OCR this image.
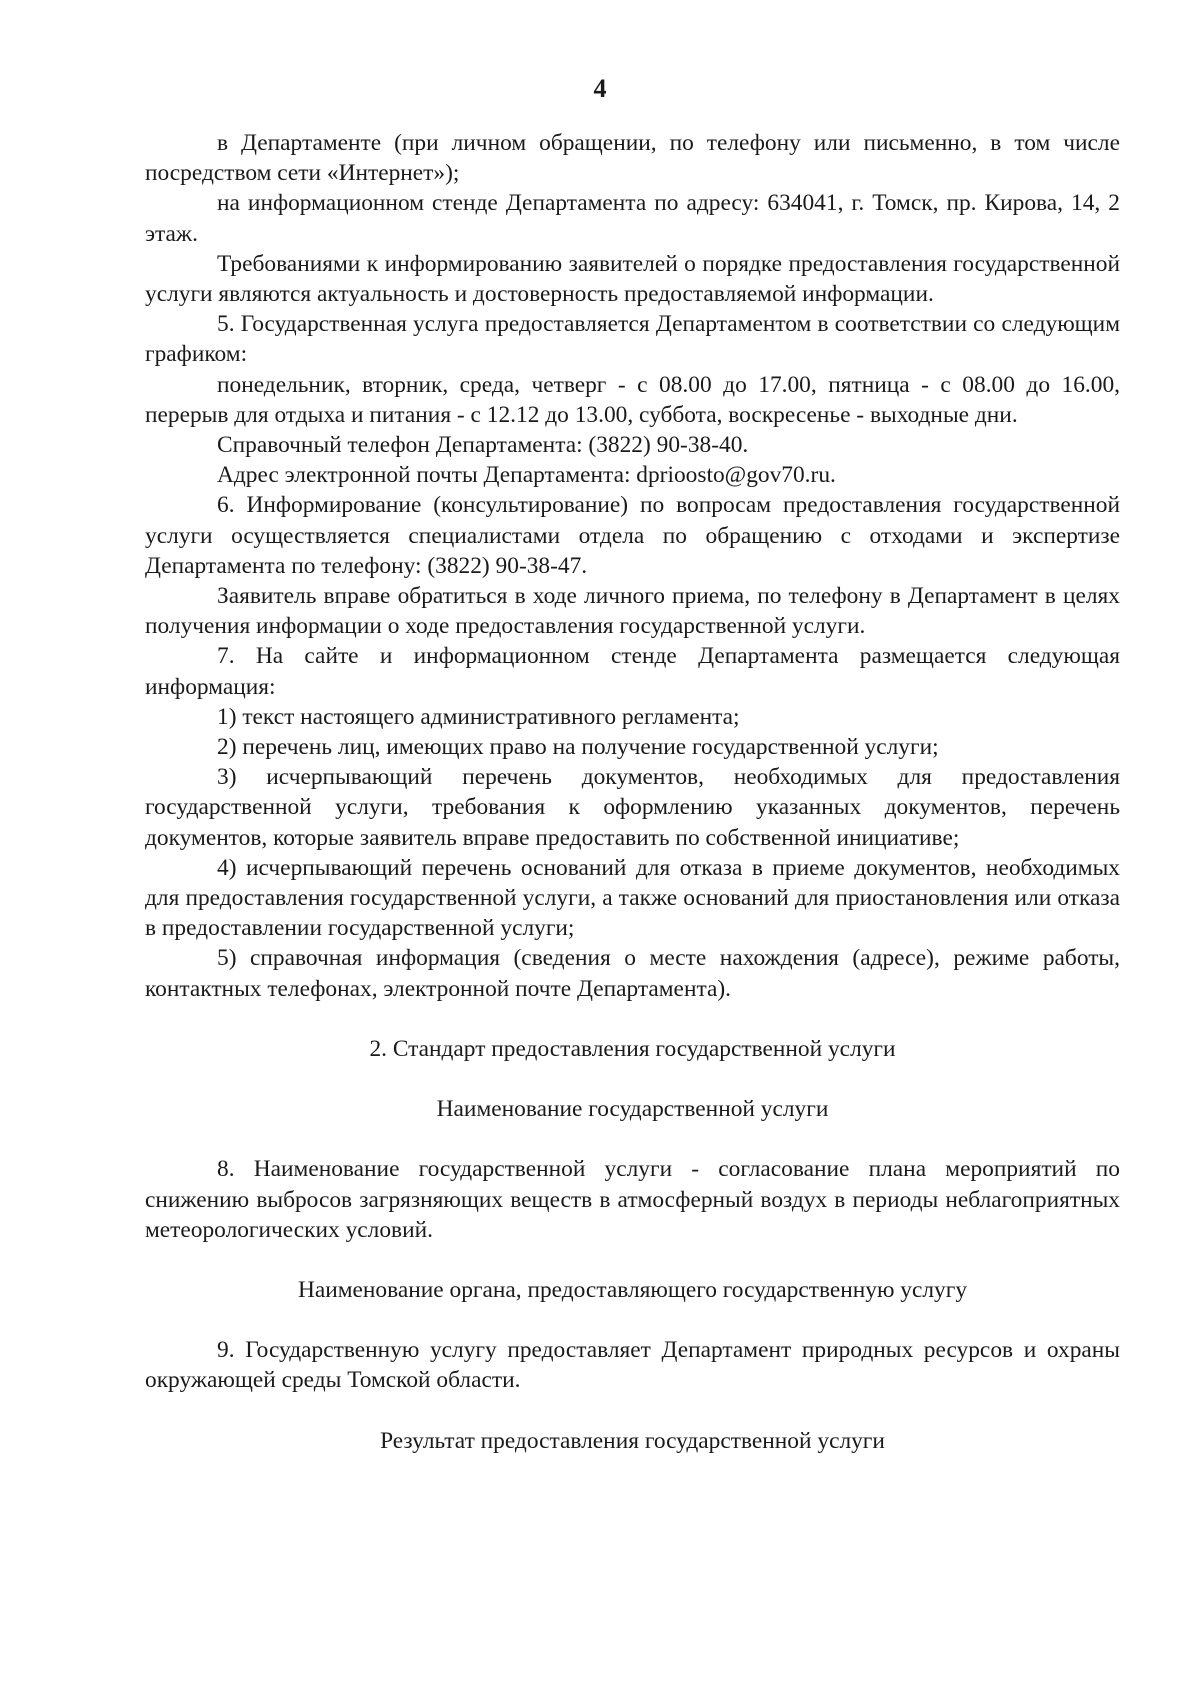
4

в Департаменте (при личном обращении, по телефону или письменно, в том числе посредством сети «Интернет»);

на информационном стенде Департамента по адресу: 634041, г. Томск, пр. Кирова, 14, 2 этаж.

Требованиями к информированию заявителей о порядке предоставления государственной услуги являются актуальность и достоверность предоставляемой информации.

5. Государственная услуга предоставляется Департаментом в соответствии со следующим графиком:

понедельник, вторник, среда, четверг - с 08.00 до 17.00, пятница - с 08.00 до 16.00, перерыв для отдыха и питания - с 12.12 до 13.00, суббота, воскресенье - выходные дни.

Справочный телефон Департамента: (3822) 90-38-40.

Адрес электронной почты Департамента: dprioosto@gov70.ru.

6. Информирование (консультирование) по вопросам предоставления государственной услуги осуществляется специалистами отдела по обращению с отходами и экспертизе Департамента по телефону: (3822) 90-38-47.

Заявитель вправе обратиться в ходе личного приема, по телефону в Департамент в целях получения информации о ходе предоставления государственной услуги.

7. На сайте и информационном стенде Департамента размещается следующая информация:

1) текст настоящего административного регламента;

2) перечень лиц, имеющих право на получение государственной услуги;

3) исчерпывающий перечень документов, необходимых для предоставления государственной услуги, требования к оформлению указанных документов, перечень документов, которые заявитель вправе предоставить по собственной инициативе;

4) исчерпывающий перечень оснований для отказа в приеме документов, необходимых для предоставления государственной услуги, а также оснований для приостановления или отказа в предоставлении государственной услуги;

5) справочная информация (сведения о месте нахождения (адресе), режиме работы, контактных телефонах, электронной почте Департамента).

2. Стандарт предоставления государственной услуги

Наименование государственной услуги

8. Наименование государственной услуги - согласование плана мероприятий по снижению выбросов загрязняющих веществ в атмосферный воздух в периоды неблагоприятных метеорологических условий.

Наименование органа, предоставляющего государственную услугу

9. Государственную услугу предоставляет Департамент природных ресурсов и охраны окружающей среды Томской области.

Результат предоставления государственной услуги
